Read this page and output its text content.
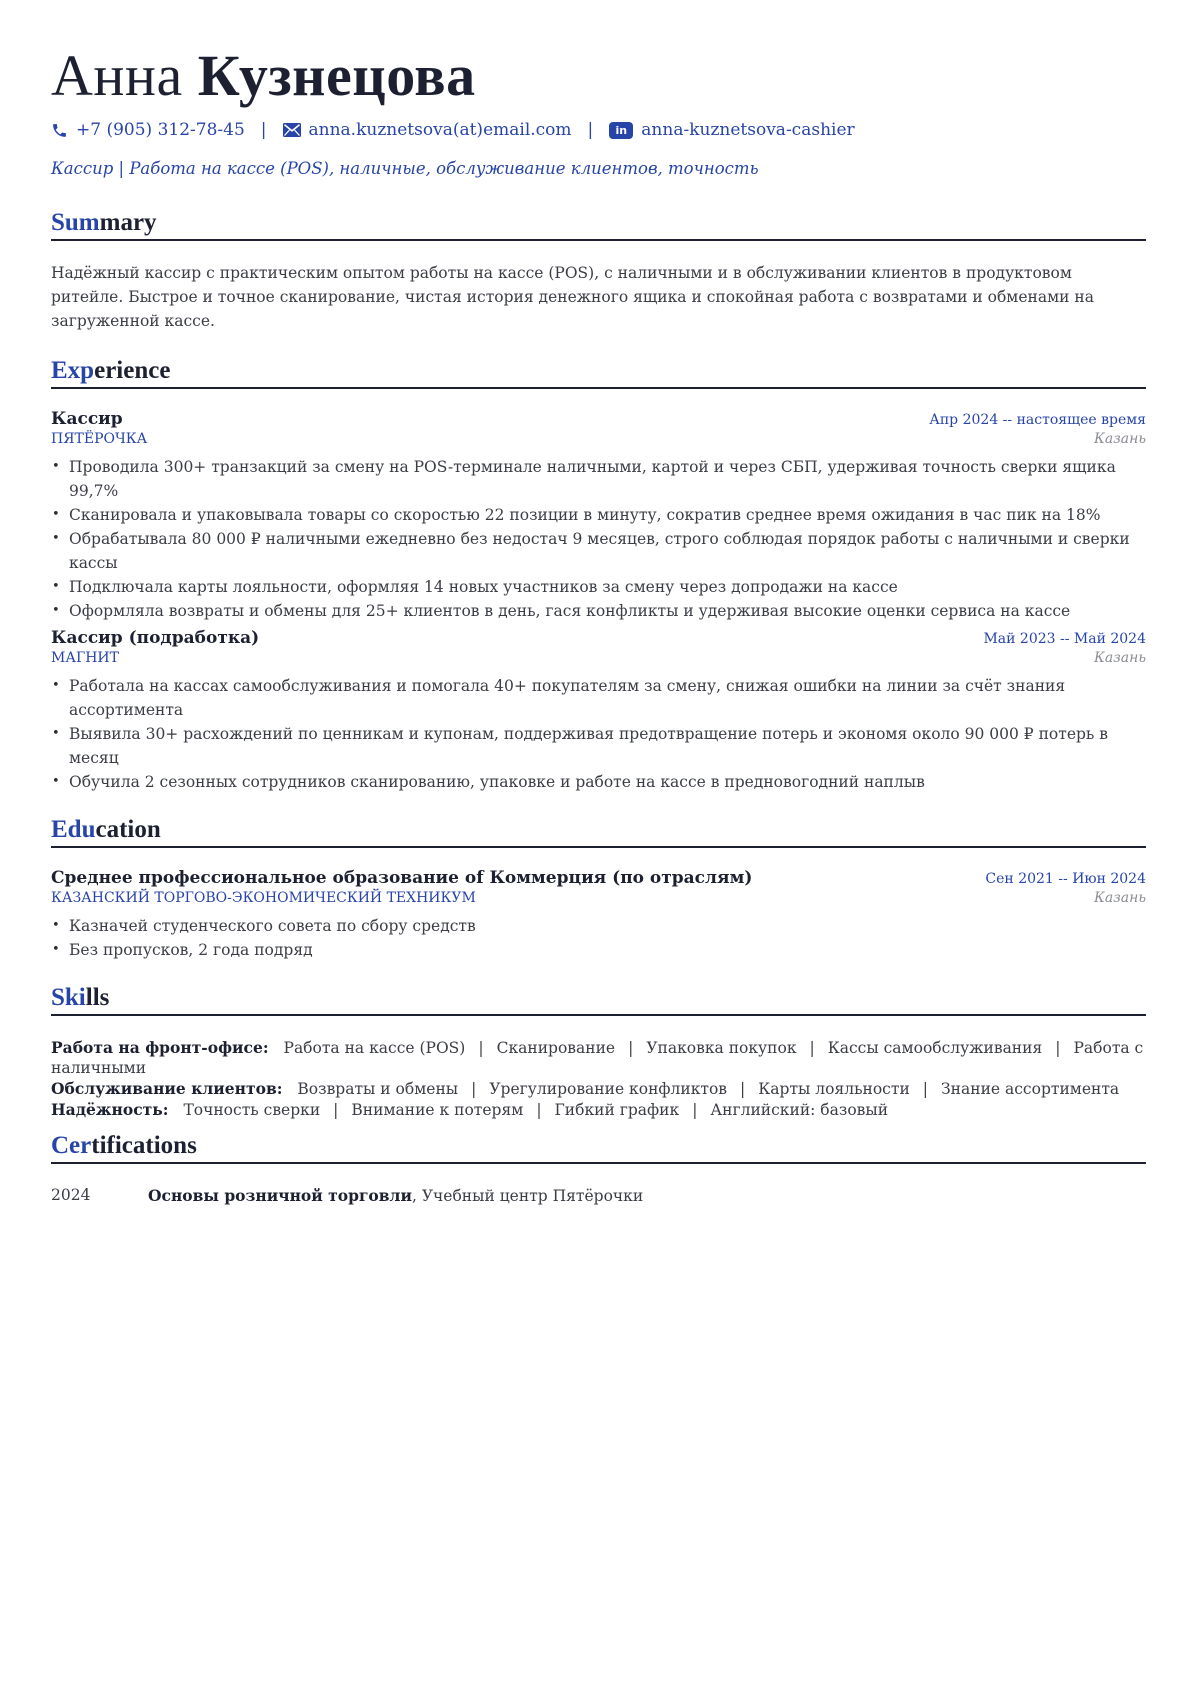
Анна Кузнецова
+7 (905) 312-78-45 | anna.kuznetsova(at)email.com |	in anna-kuznetsova-cashier
Кассир | Работа на кассе (POS), наличные, обслуживание клиентов, точность
Summary
Надёжный кассир с практическим опытом работы на кассе (POS), с наличными и в обслуживании клиентов в продуктовом ритейле. Быстрое и точное сканирование, чистая история денежного ящика и спокойная работа с возвратами и обменами на загруженной кассе.
Experience
Кассир	Апр 2024 -- настоящее время
ПЯТЁРОЧКА	Казань
• Проводила 300+ транзакций за смену на POS-терминале наличными, картой и через СБП, удерживая точность сверки ящика 99,7%
• Сканировала и упаковывала товары со скоростью 22 позиции в минуту, сократив среднее время ожидания в час пик на 18%
• Обрабатывала 80 000 ₽ наличными ежедневно без недостач 9 месяцев, строго соблюдая порядок работы с наличными и сверки кассы
• Подключала карты лояльности, оформляя 14 новых участников за смену через допродажи на кассе
• Оформляла возвраты и обмены для 25+ клиентов в день, гася конфликты и удерживая высокие оценки сервиса на кассе
Кассир (подработка)	Май 2023 -- Май 2024
МАГНИТ	Казань
• Работала на кассах самообслуживания и помогала 40+ покупателям за смену, снижая ошибки на линии за счёт знания ассортимента
• Выявила 30+ расхождений по ценникам и купонам, поддерживая предотвращение потерь и экономя около 90 000 ₽ потерь в месяц
• Обучила 2 сезонных сотрудников сканированию, упаковке и работе на кассе в предновогодний наплыв
Education
Среднее профессиональное образование of Коммерция (по отраслям)	Сен 2021 -- Июн 2024
КАЗАНСКИЙ ТОРГОВО-ЭКОНОМИЧЕСКИЙ ТЕХНИКУМ	Казань
• Казначей студенческого совета по сбору средств
• Без пропусков, 2 года подряд
Skills
Работа на фронт-офисе: Работа на кассе (POS) | Сканирование | Упаковка покупок | Кассы самообслуживания | Работа с наличными
Обслуживание клиентов: Возвраты и обмены | Урегулирование конфликтов | Карты лояльности | Знание ассортимента
Надёжность: Точность сверки | Внимание к потерям | Гибкий график | Английский: базовый
Certifications
2024	Основы розничной торговли, Учебный центр Пятёрочки
